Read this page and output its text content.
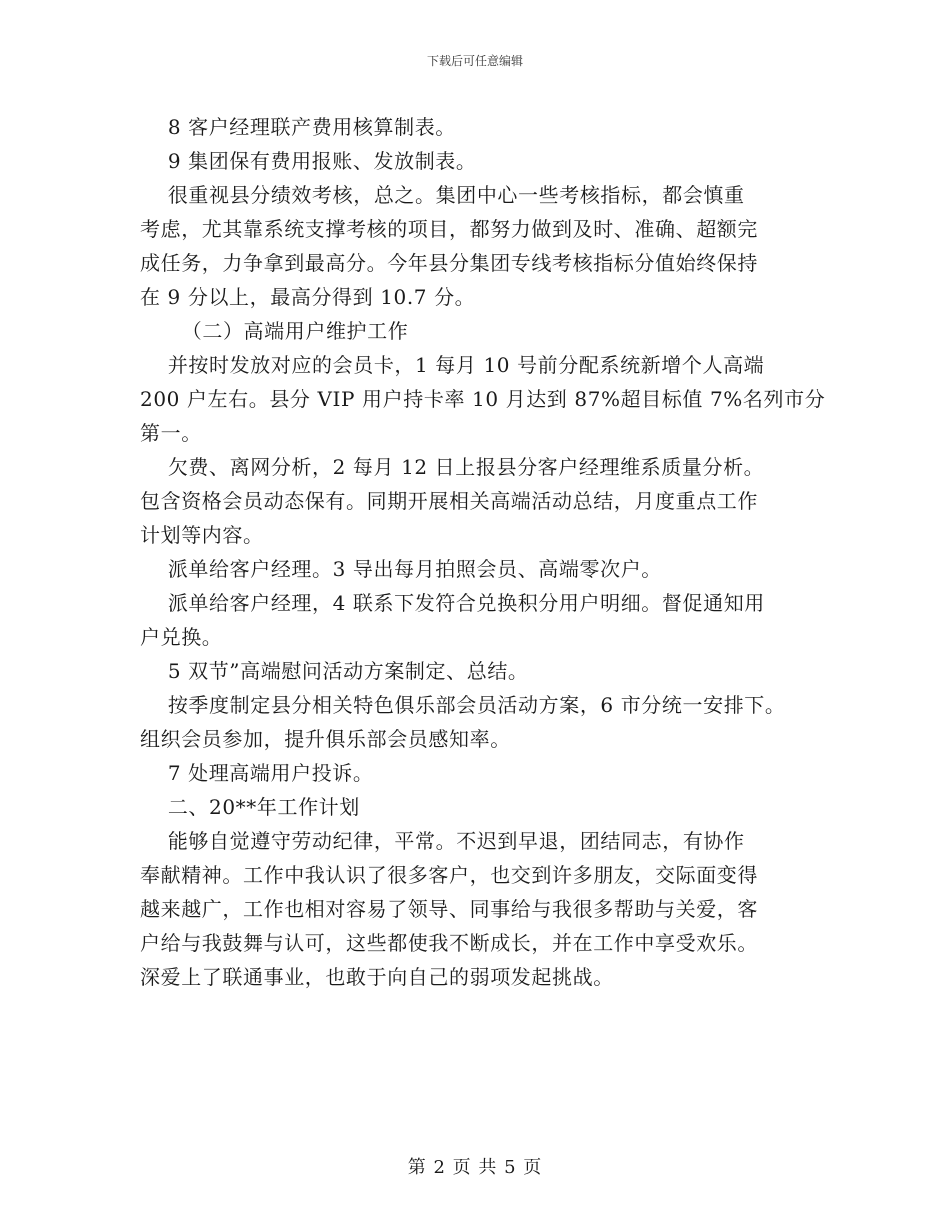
下载后可任意编辑

8 客户经理联产费用核算制表。

9 集团保有费用报账、发放制表。

很重视县分绩效考核，总之。集团中心一些考核指标，都会慎重
考虑，尤其靠系统支撑考核的项目，都努力做到及时、准确、超额完
成任务，力争拿到最高分。今年县分集团专线考核指标分值始终保持
在 9 分以上，最高分得到 10.7 分。

（二）高端用户维护工作

并按时发放对应的会员卡，1 每月 10 号前分配系统新增个人高端
200 户左右。县分 VIP 用户持卡率 10 月达到 87%超目标值 7%名列市分
第一。

欠费、离网分析，2 每月 12 日上报县分客户经理维系质量分析。
包含资格会员动态保有。同期开展相关高端活动总结，月度重点工作
计划等内容。

派单给客户经理。3 导出每月拍照会员、高端零次户。

派单给客户经理，4 联系下发符合兑换积分用户明细。督促通知用
户兑换。

5 双节”高端慰问活动方案制定、总结。

按季度制定县分相关特色俱乐部会员活动方案，6 市分统一安排下。
组织会员参加，提升俱乐部会员感知率。

7 处理高端用户投诉。

二、20**年工作计划

能够自觉遵守劳动纪律，平常。不迟到早退，团结同志，有协作
奉献精神。工作中我认识了很多客户，也交到许多朋友，交际面变得
越来越广，工作也相对容易了领导、同事给与我很多帮助与关爱，客
户给与我鼓舞与认可，这些都使我不断成长，并在工作中享受欢乐。
深爱上了联通事业，也敢于向自己的弱项发起挑战。

第 2 页 共 5 页
